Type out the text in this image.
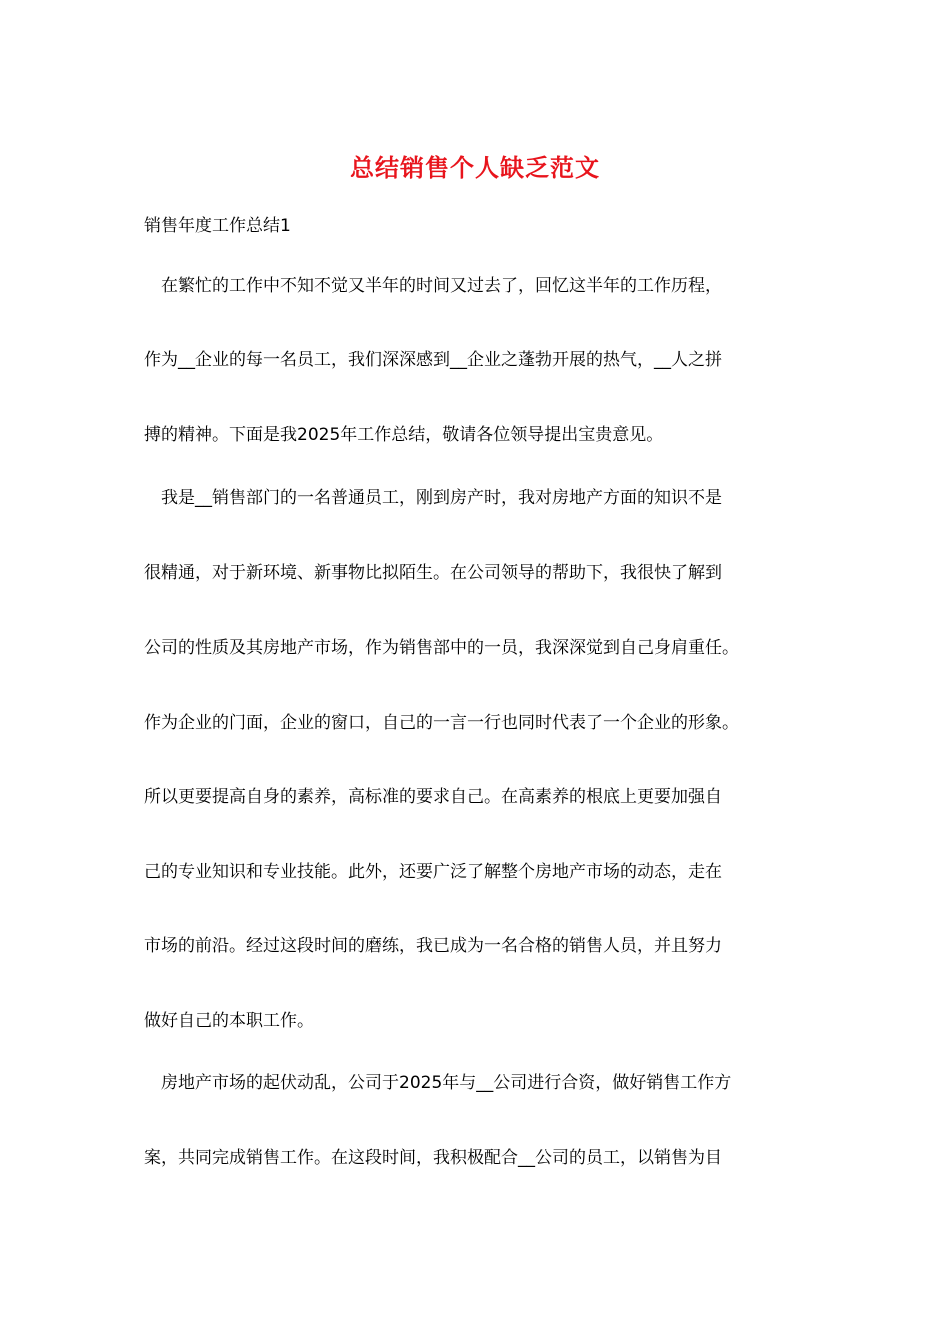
总结销售个人缺乏范文
销售年度工作总结1
　在繁忙的工作中不知不觉又半年的时间又过去了，回忆这半年的工作历程，
作为__企业的每一名员工，我们深深感到__企业之蓬勃开展的热气，__人之拼
搏的精神。下面是我2025年工作总结，敬请各位领导提出宝贵意见。
　我是__销售部门的一名普通员工，刚到房产时，我对房地产方面的知识不是
很精通，对于新环境、新事物比拟陌生。在公司领导的帮助下，我很快了解到
公司的性质及其房地产市场，作为销售部中的一员，我深深觉到自己身肩重任。
作为企业的门面，企业的窗口，自己的一言一行也同时代表了一个企业的形象。
所以更要提高自身的素养，高标准的要求自己。在高素养的根底上更要加强自
己的专业知识和专业技能。此外，还要广泛了解整个房地产市场的动态，走在
市场的前沿。经过这段时间的磨练，我已成为一名合格的销售人员，并且努力
做好自己的本职工作。
　房地产市场的起伏动乱，公司于2025年与__公司进行合资，做好销售工作方
案，共同完成销售工作。在这段时间，我积极配合__公司的员工，以销售为目
